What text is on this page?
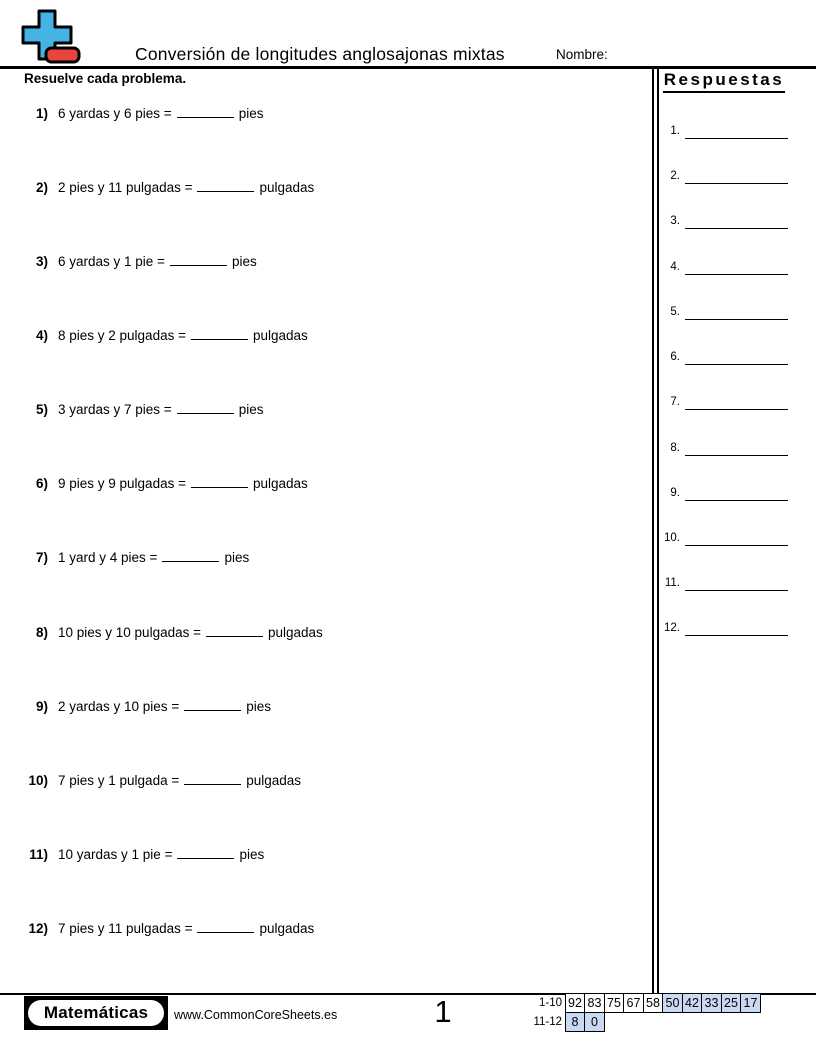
Conversión de longitudes anglosajonas mixtas	Nombre:
Resuelve cada problema.
1) 6 yardas y 6 pies =	pies
2) 2 pies y 11 pulgadas =	pulgadas
3) 6 yardas y 1 pie =	pies
4) 8 pies y 2 pulgadas =	pulgadas
5) 3 yardas y 7 pies =	pies
6) 9 pies y 9 pulgadas =	pulgadas
7) 1 yard y 4 pies =	pies
8) 10 pies y 10 pulgadas =	pulgadas
9) 2 yardas y 10 pies =	pies
10) 7 pies y 1 pulgada =	pulgadas
11) 10 yardas y 1 pie =	pies
12) 7 pies y 11 pulgadas =	pulgadas
Respuestas
1.
2.
3.
4.
5.
6.
7.
8.
9.
10.
11.
12.
Matemáticas	www.CommonCoreSheets.es	1	1-10 92 83 75 67 58 50 42 33 25 17
11-12 8	0
